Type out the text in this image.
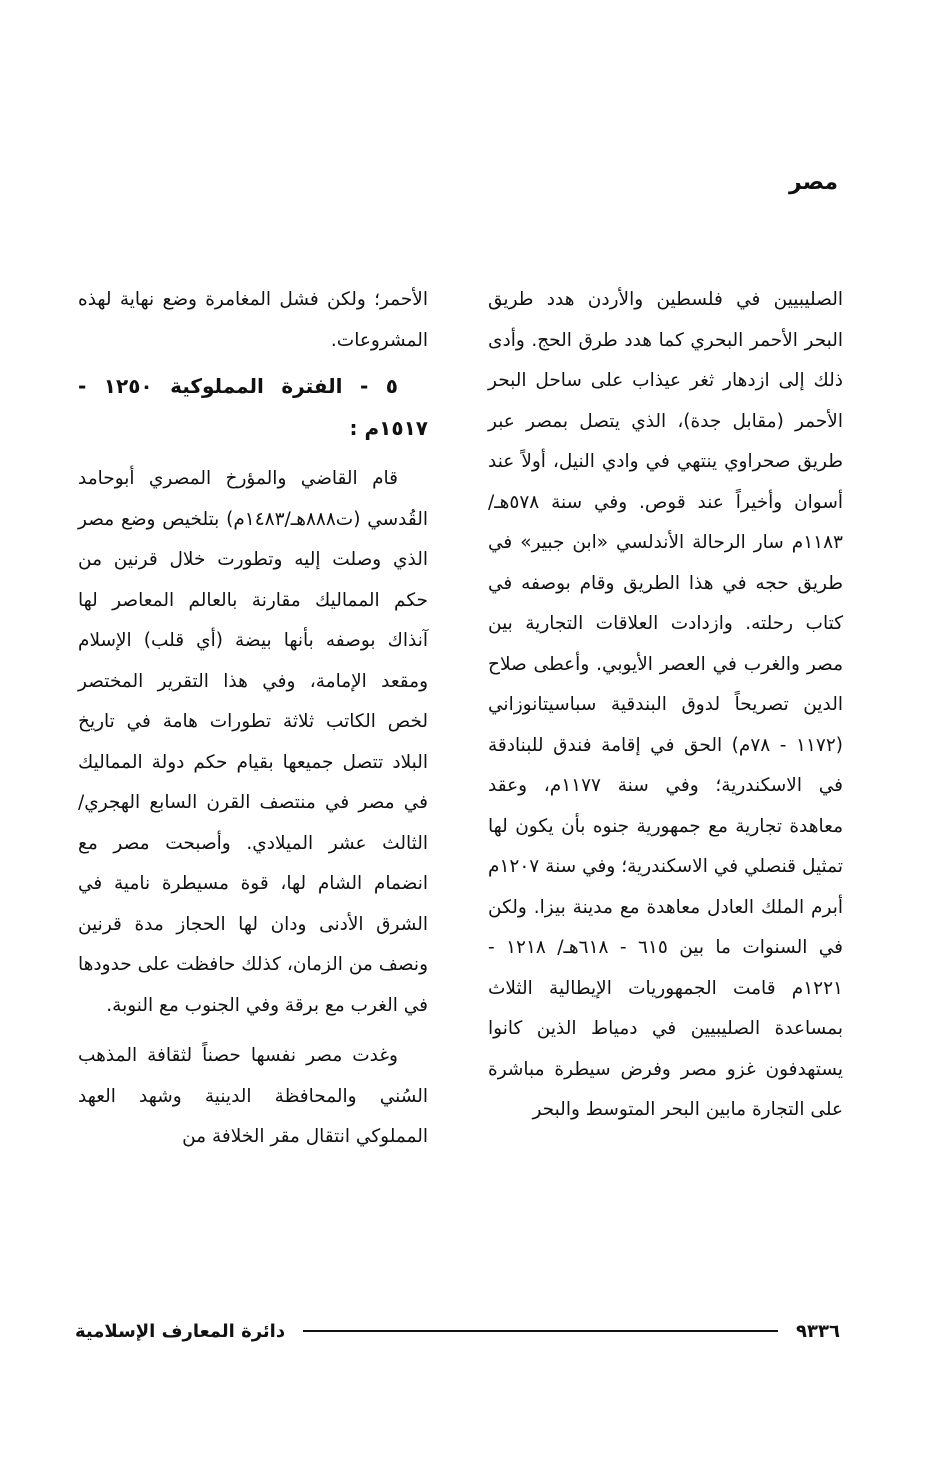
مصر

الصليبيين في فلسطين والأردن هدد طريق البحر الأحمر البحري كما هدد طرق الحج. وأدى ذلك إلى ازدهار ثغر عيذاب على ساحل البحر الأحمر (مقابل جدة)، الذي يتصل بمصر عبر طريق صحراوي ينتهي في وادي النيل، أولاً عند أسوان وأخيراً عند قوص. وفي سنة ٥٧٨هـ/ ١١٨٣م سار الرحالة الأندلسي «ابن جبير» في طريق حجه في هذا الطريق وقام بوصفه في كتاب رحلته. وازدادت العلاقات التجارية بين مصر والغرب في العصر الأيوبي. وأعطى صلاح الدين تصريحاً لدوق البندقية سباسيتانوزاني (١١٧٢ - ٧٨م) الحق في إقامة فندق للبنادقة في الاسكندرية؛ وفي سنة ١١٧٧م، وعقد معاهدة تجارية مع جمهورية جنوه بأن يكون لها تمثيل قنصلي في الاسكندرية؛ وفي سنة ١٢٠٧م أبرم الملك العادل معاهدة مع مدينة بيزا. ولكن في السنوات ما بين ٦١٥ - ٦١٨هـ/ ١٢١٨ - ١٢٢١م قامت الجمهوريات الإيطالية الثلاث بمساعدة الصليبيين في دمياط الذين كانوا يستهدفون غزو مصر وفرض سيطرة مباشرة على التجارة مابين البحر المتوسط والبحر

الأحمر؛ ولكن فشل المغامرة وضع نهاية لهذه المشروعات.

٥ - الفترة المملوكية ١٢٥٠ - ١٥١٧م :

قام القاضي والمؤرخ المصري أبوحامد القُدسي (ت٨٨٨هـ/١٤٨٣م) بتلخيص وضع مصر الذي وصلت إليه وتطورت خلال قرنين من حكم المماليك مقارنة بالعالم المعاصر لها آنذاك بوصفه بأنها بيضة (أي قلب) الإسلام ومقعد الإمامة، وفي هذا التقرير المختصر لخص الكاتب ثلاثة تطورات هامة في تاريخ البلاد تتصل جميعها بقيام حكم دولة المماليك في مصر في منتصف القرن السابع الهجري/ الثالث عشر الميلادي. وأصبحت مصر مع انضمام الشام لها، قوة مسيطرة نامية في الشرق الأدنى ودان لها الحجاز مدة قرنين ونصف من الزمان، كذلك حافظت على حدودها في الغرب مع برقة وفي الجنوب مع النوبة.

وغدت مصر نفسها حصناً لثقافة المذهب السُني والمحافظة الدينية وشهد العهد المملوكي انتقال مقر الخلافة من

٩٣٣٦
دائرة المعارف الإسلامية
